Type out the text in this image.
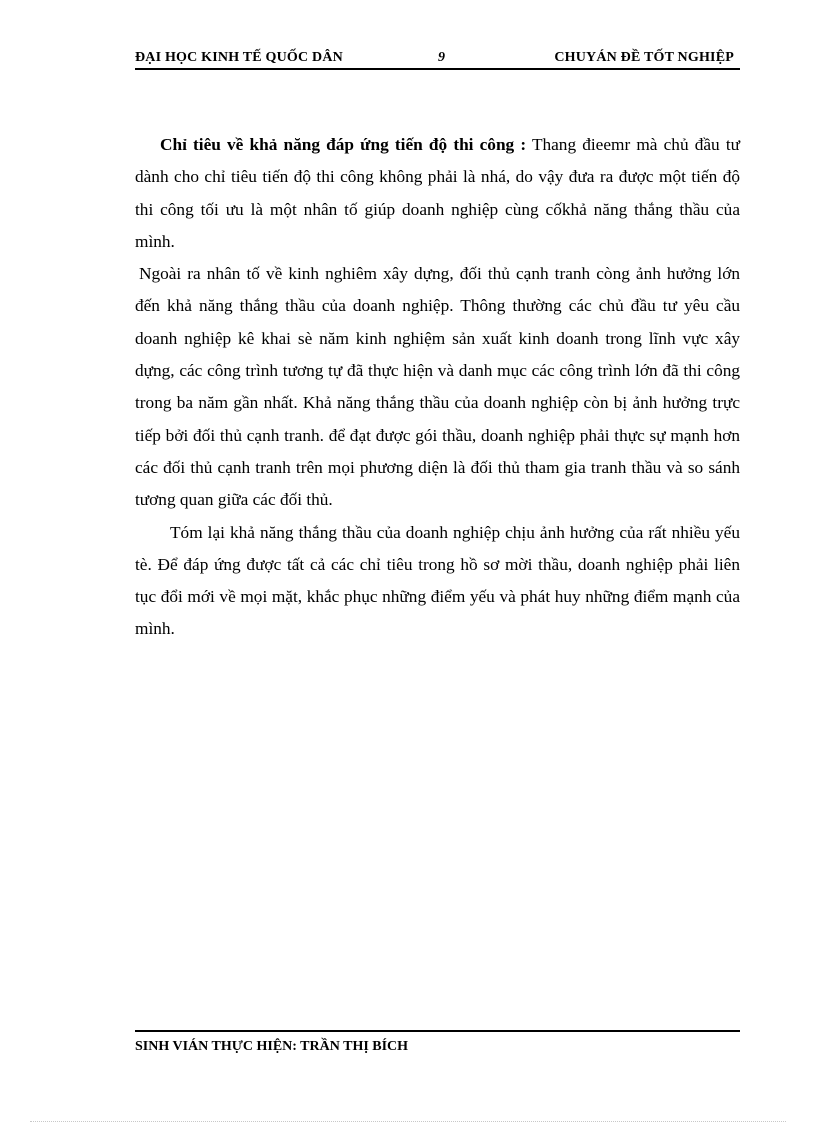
ĐẠI HỌC KINH TẾ QUỐC DÂN	9	CHUYÁN ĐỀ TỐT NGHIỆP

Chỉ tiêu về khả năng đáp ứng tiến độ thi công : Thang đieemr mà chủ đầu tư dành cho chỉ tiêu tiến độ thi công không phải là nhá, do vậy đưa ra được một tiến độ thi công tối ưu là một nhân tố giúp doanh nghiệp cùng cốkhả năng thắng thầu của mình.

Ngoài ra nhân tố về kinh nghiêm xây dựng, đối thủ cạnh tranh còng ảnh hưởng lớn đến khả năng thắng thầu của doanh nghiệp. Thông thường các chủ đầu tư yêu cầu doanh nghiệp kê khai sè năm kinh nghiệm sản xuất kinh doanh trong lĩnh vực xây dựng, các công trình tương tự đã thực hiện và danh mục các công trình lớn đã thi công trong ba năm gần nhất. Khả năng thắng thầu của doanh nghiệp còn bị ảnh hưởng trực tiếp bởi đối thủ cạnh tranh. để đạt được gói thầu, doanh nghiệp phải thực sự mạnh hơn các đối thủ cạnh tranh trên mọi phương diện là đối thủ tham gia tranh thầu và so sánh tương quan giữa các đối thủ.

Tóm lại khả năng thắng thầu của doanh nghiệp chịu ảnh hưởng của rất nhiều yếu tè. Để đáp ứng được tất cả các chỉ tiêu trong hồ sơ mời thầu, doanh nghiệp phải liên tục đổi mới về mọi mặt, khắc phục những điểm yếu và phát huy những điểm mạnh của mình.

SINH VIÁN THỰC HIỆN: TRẦN THỊ BÍCH
